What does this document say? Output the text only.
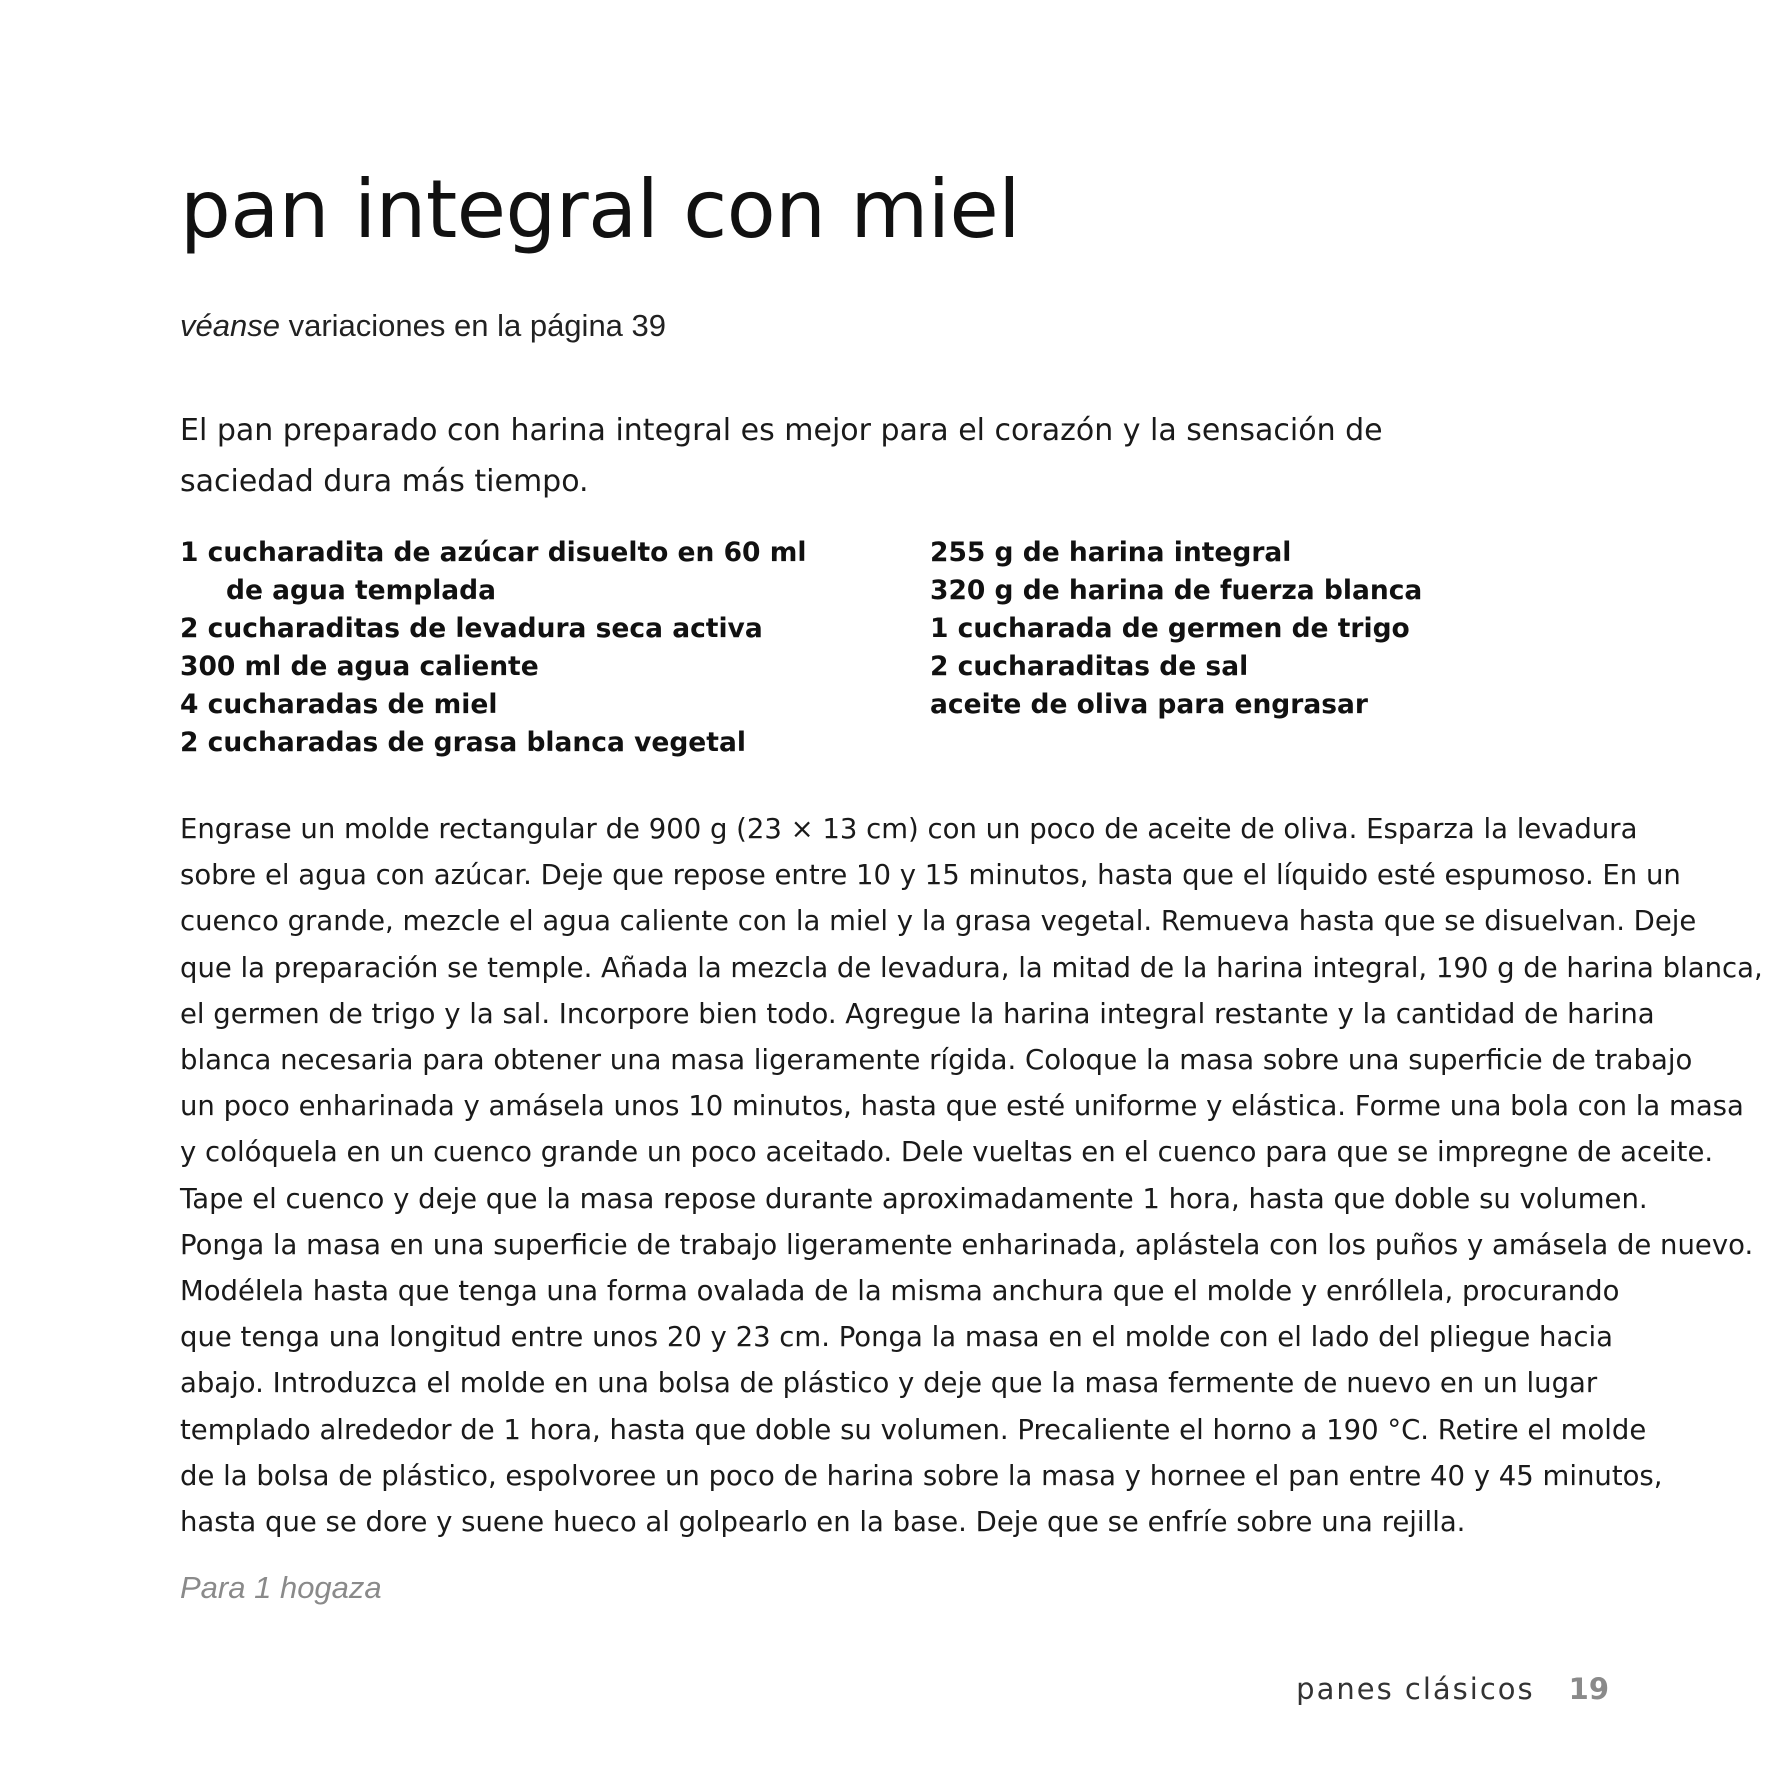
pan integral con miel

véanse variaciones en la página 39

El pan preparado con harina integral es mejor para el corazón y la sensación de saciedad dura más tiempo.

1 cucharadita de azúcar disuelto en 60 ml
de agua templada
2 cucharaditas de levadura seca activa
300 ml de agua caliente
4 cucharadas de miel
2 cucharadas de grasa blanca vegetal
255 g de harina integral
320 g de harina de fuerza blanca
1 cucharada de germen de trigo
2 cucharaditas de sal
aceite de oliva para engrasar

Engrase un molde rectangular de 900 g (23 × 13 cm) con un poco de aceite de oliva. Esparza la levadura
sobre el agua con azúcar. Deje que repose entre 10 y 15 minutos, hasta que el líquido esté espumoso. En un
cuenco grande, mezcle el agua caliente con la miel y la grasa vegetal. Remueva hasta que se disuelvan. Deje
que la preparación se temple. Añada la mezcla de levadura, la mitad de la harina integral, 190 g de harina blanca,
el germen de trigo y la sal. Incorpore bien todo. Agregue la harina integral restante y la cantidad de harina
blanca necesaria para obtener una masa ligeramente rígida. Coloque la masa sobre una superficie de trabajo
un poco enharinada y amásela unos 10 minutos, hasta que esté uniforme y elástica. Forme una bola con la masa
y colóquela en un cuenco grande un poco aceitado. Dele vueltas en el cuenco para que se impregne de aceite.
Tape el cuenco y deje que la masa repose durante aproximadamente 1 hora, hasta que doble su volumen.
Ponga la masa en una superficie de trabajo ligeramente enharinada, aplástela con los puños y amásela de nuevo.
Modélela hasta que tenga una forma ovalada de la misma anchura que el molde y enróllela, procurando
que tenga una longitud entre unos 20 y 23 cm. Ponga la masa en el molde con el lado del pliegue hacia
abajo. Introduzca el molde en una bolsa de plástico y deje que la masa fermente de nuevo en un lugar
templado alrededor de 1 hora, hasta que doble su volumen. Precaliente el horno a 190 °C. Retire el molde
de la bolsa de plástico, espolvoree un poco de harina sobre la masa y hornee el pan entre 40 y 45 minutos,
hasta que se dore y suene hueco al golpearlo en la base. Deje que se enfríe sobre una rejilla.

Para 1 hogaza

panes clásicos 19
